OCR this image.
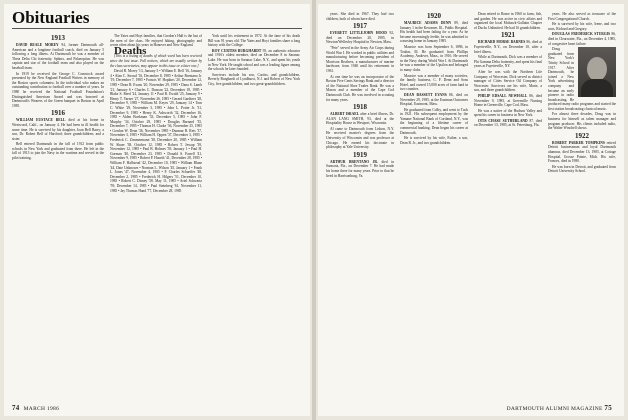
Obituaries

1913

DAVID BEALE MOREY 94, former Dartmouth all-American and a longtime football coach, died on January 5 following a long illness. At Dartmouth he was a member of Theta Delta Chi fraternity, Sphinx, and Palaeopitus. He was captain and star of the football team and also played on the baseball team.

In 1919 he received the George C. Comstock award presented by the New England Football Writers in memory of the Boston sports columnist. In the individual who makes an outstanding contribution to football over a number of years. In 1980 he received the National Football Foundation's Distinguished American Award and was honored at Dartmouth's Wearers of the Green banquet in Boston in April 1985.

1916

WILLIAM EUSTACE BELL died at his home in Westwood, Calif., on January 4. He had been in ill health for some time. He is survived by his daughter, Joan Bell Barry; a son, Dr. Robert Bell of Hartford; three grandchildren; and a sister.

Bell entered Dartmouth in the fall of 1912 from public schools in New York and graduated from there. He left in the fall of 1913 to join the Navy in the wartime and served in the pilot training.

The Yates and Hoyt families, that Gordon's Hall is the last of the men of the class. He enjoyed hiking, photography and wrote often about his years in Hanover and New England.

Deaths

[This is a listing of deaths of which word has been received since the last issue. Full notices, which are usually written by the class secretaries, may appear in this issue or a later one.]

David B. Morey '13, January 5 • William E. Bell '16, January 4 • Alan C. Stroud '16, December 8, 1985 • Arthur Brentano Jr. '19, December 7, 1985 • Francis W. Hopkins '20, December 12, 1985 • Dean B. Evans '20, November 29, 1985 • Dana S. Lamb '21, January 6 • Charles C. Duncan '22, December 18, 1985 • Blake S. Reed '24, January 11 • Paul R. Ewald '25, January 9 • Henry T. Varner '27, November 26, 1985 • Gerard Gardiner '28, December 9, 1985 • William M. Keyes '29, January 14 • Tom C. White '29, November 3, 1985 • John L. Potter Jr. '31, December 9, 1985 • Henry K. Ashworth '32, December 16, 1985 • Alden Boekman '33, December 5, 1985 • John F. Murphy '34, October 29, 1985 • Douglas Barnard '35, December 7, 1985 • Thomas H. Clarke '36, November 25, 1985 • Gordon W. Dean '36, November 1985 • Dunmar B. Reis '37, November 3, 1985 • William H. Oppen '37, December 3, 1985 • Frederick C. Zimmermann '38, December 20, 1985 • William W. Shuer '38, October 12, 1985 • Robert T. Jessup '39, November 12, 1985 • Paul B. Holmes '39, January 1 • Paul H. Gorman '40, December 23, 1985 • Donald S. Farrell '41, November 9, 1985 • Robert P. Huseth '41, December 28, 1985 • William F. Hallstead '42, December 10, 1985 • William Blane '44, Date Unknown • Norman L. Wilson '45, January 1 • Frank L. Jones '47, November 4, 1985 • F. Charles Schaeffer '48, December 2, 1985 • Frederick H. Hilgers '51, December 10, 1985 • Robert C. Disney '58, May 11, 1985 • Ariel Schwartz '59, December 14, 1985 • Paul Steinberg '61, November 11, 1985 • Jay Thomas Hand '77, December 28, 1985

York until his retirement in 1972. At the time of his death Bill was 91 years old. The Yates and Hoyt families share a long history with the College.

ROY CURTISS BURGHARDT 95, an authentic educator and 1916's oldest member, died on December 8 in Saranac Lake. He was born in Saranac Lake, N.Y., and spent his youth in New York. He taught school and was a leading figure among the schools he later founded.

Survivors include his son, Curtiss, and grandchildren, Beverly Burghardt of Lyndhurst, N.J. and Robert of New York City, five grandchildren, and two great-grandchildren.

74 MARCH 1986

years. She died in 1967. They had two children, both of whom have died.

1917

EVERETT LITTLEJOHN HOOD 92, died on December 20, 1985, in Newton/Wellesley Hospital in Newton, Mass.

"Pete" served in the Army Air Corps during World War I. He worked in public utilities and manufacturing before becoming president of Morrison Brothers, a manufacturer of marine hardware, from 1940 until his retirement in 1961.

At one time he was an incorporator of the Boston Five Cents Savings Bank and a director of the National Shoe Trades Bank. He was a Mason and a member of the Cape Cod Dartmouth Club. He was involved in scouting for many years.

1918

ALBERT ISRAEL after a brief illness, Dr. ALAN LANG SMITH, 93, died at the Hospitality House in Westport, Wisconsin.

Al came to Dartmouth from Lisbon, N.Y. He received master's degrees from the University of Wisconsin and was professor at Chicago. He earned his doctorate in philosophy at Yale University.

1919

ARTHUR BRENTANO JR. died in Sarasota, Fla., on December 7. He had made his home there for many years. Prior to that he lived in Harrisonburg, Va.

1920

MAURICE ADAMS DENN 89, died January 1 in the Kewanee, Ill., Public Hospital. His health had been failing for a year. As he became increasingly feeble, he was admitted to a nursing home in January 1985.

Maurice was born September 6, 1896, in Toulon, Ill. He graduated from Phillips Academy, Andover, Mass., in 1916. He served in the Navy during World War I. At Dartmouth he was a member of the Upsilon and belonged to many clubs.

Maurice was a member of many societies, the family business, C. F. Denn and Sons Hotel, and owned 15,000 acres of farm land in two counties.

DEAN BASSETT EVANS 86, died on November 29, 1985, at the Eastman Outcomes Hospital, Eastmont, Mass.

He graduated from Colby, and went to Tuck in 1921. His subsequent employment by the Yamane National Bank of Cortland, N.Y., was the beginning of a lifetime career of commercial banking. Dean began his career at Dartmouth.

He is survived by his wife, Esther, a son, Dean B. Jr., and two grandchildren.

Dean retired to Rome in 1960 to farm, fish, and garden. He was active in civic affairs and organized the local Mohawk-Gallatin Chapter of Ducks Unlimited. He had 16 grandchildren.

1921

RICHARD MORSE BARNES 86, died at Fayetteville, N.Y., on December 10, after a brief illness.

While at Dartmouth, Dick was a member of Phi Gamma Delta fraternity, and spent his final years at Fayetteville, NY.

After he was with the Northern Life Company of Worcester, Dick served as district manager of Cities Service Oil Company of Worcester. Survivors are his wife, Marie, a son, and three grandchildren.

PHILIP EDSALL NEWHALL 86, died November 9, 1985, at Greenville Nursing Home in Greenville, Cape Cod, Mass.

He was a native of the Hudson Valley and spent his career in business in New York.

OTIS CHASE SUTHERLAND 87, died on December 13, 1985, at St. Petersburg, Fla.

DARTMOUTH ALUMNI MAGAZINE 75

years. He also served as treasurer of the First Congregational Church.

He is survived by his wife, Irene, and two sons, Richard and Gregory.

DOUGLAS FREDERICK STURGIS 86, died in Clearwater, Fla., on December 4, 1985, of congestive heart failure.

Doug graduated from New York's Trinity School in 1917. After Dartmouth, he joined a New York advertising company and became an early pioneer in radio broadcasting. He produced many radio programs and started the first station broadcasting classical music.

For almost three decades, Doug was in business for himself as talent manager and program producer. His clients included radio, the Walter Winchell shows.

1922

ROBERT PARKER TOMPKINS retired Detroit businessman and loyal Dartmouth alumnus, died December 13, 1985, at Cottage Hospital, Grosse Pointe, Mich. His wife, Frances, died in 1980.

He was born in Detroit, and graduated from Detroit University School.
